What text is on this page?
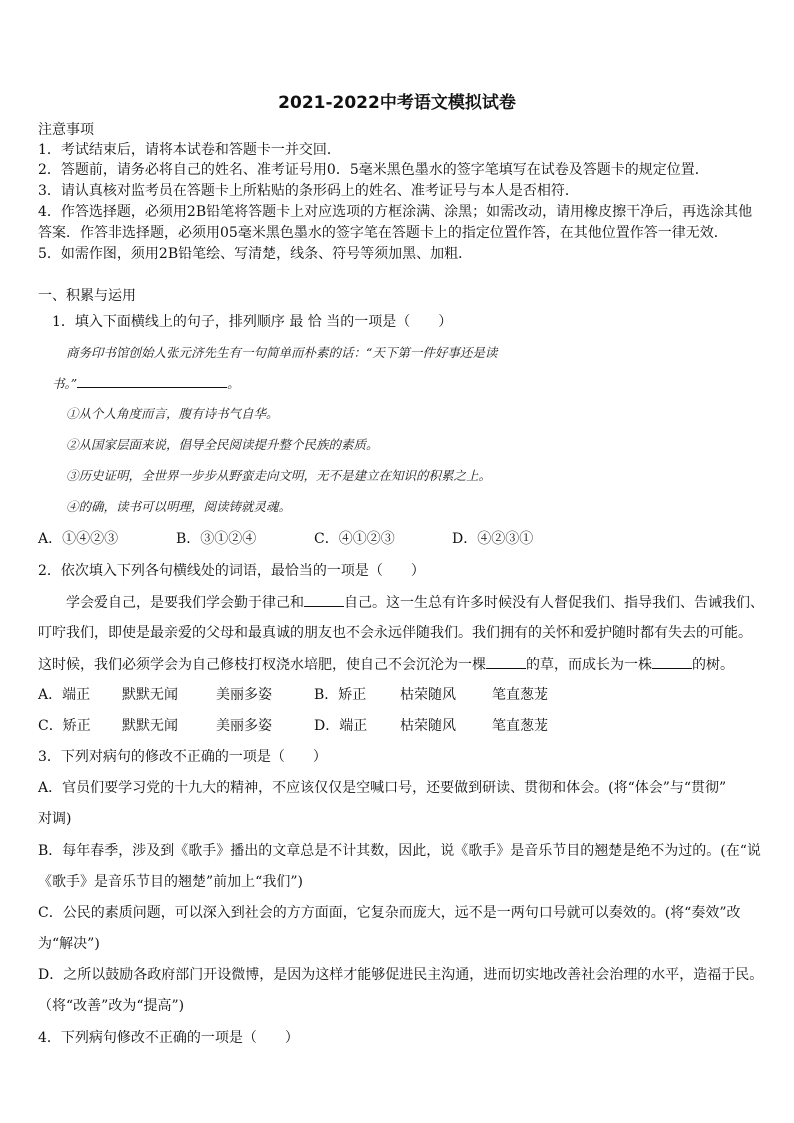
2021-2022中考语文模拟试卷
注意事项
1．考试结束后，请将本试卷和答题卡一并交回．
2．答题前，请务必将自己的姓名、准考证号用0．5毫米黑色墨水的签字笔填写在试卷及答题卡的规定位置．
3．请认真核对监考员在答题卡上所粘贴的条形码上的姓名、准考证号与本人是否相符．
4．作答选择题，必须用2B铅笔将答题卡上对应选项的方框涂满、涂黑；如需改动，请用橡皮擦干净后，再选涂其他
答案．作答非选择题，必须用05毫米黑色墨水的签字笔在答题卡上的指定位置作答，在其他位置作答一律无效．
5．如需作图，须用2B铅笔绘、写清楚，线条、符号等须加黑、加粗．
一、积累与运用
1．填入下面横线上的句子，排列顺序 最 恰 当的一项是（　　）
商务印书馆创始人张元济先生有一句简单而朴素的话：“天下第一件好事还是读
书。”	。
①从个人角度而言，腹有诗书气自华。
②从国家层面来说，倡导全民阅读提升整个民族的素质。
③历史证明，全世界一步步从野蛮走向文明，无不是建立在知识的积累之上。
④的确，读书可以明理，阅读铸就灵魂。
A．①④②③	B．③①②④	C．④①②③	D．④②③①
2．依次填入下列各句横线处的词语，最恰当的一项是（　　）
学会爱自己，是要我们学会勤于律己和	自己。这一生总有许多时候没有人督促我们、指导我们、告诫我们、
叮咛我们，即使是最亲爱的父母和最真诚的朋友也不会永远伴随我们。我们拥有的关怀和爱护随时都有失去的可能。
这时候，我们必须学会为自己修枝打杈浇水培肥，使自己不会沉沦为一棵	的草，而成长为一株	的树。
A．端正 默默无闻	美丽多姿	B．矫正 枯荣随风	笔直葱茏
C．矫正 默默无闻	美丽多姿	D．端正 枯荣随风	笔直葱茏
3．下列对病句的修改不正确的一项是（　　）
A．官员们要学习党的十九大的精神，不应该仅仅是空喊口号，还要做到研读、贯彻和体会。(将“体会”与“贯彻”
对调)
B．每年春季，涉及到《歌手》播出的文章总是不计其数，因此，说《歌手》是音乐节目的翘楚是绝不为过的。(在“说
《歌手》是音乐节目的翘楚”前加上“我们”)
C．公民的素质问题，可以深入到社会的方方面面，它复杂而庞大，远不是一两句口号就可以奏效的。(将“奏效”改
为“解决”)
D．之所以鼓励各政府部门开设微博，是因为这样才能够促进民主沟通，进而切实地改善社会治理的水平，造福于民。
（将“改善”改为“提高”)
4．下列病句修改不正确的一项是（　　）
